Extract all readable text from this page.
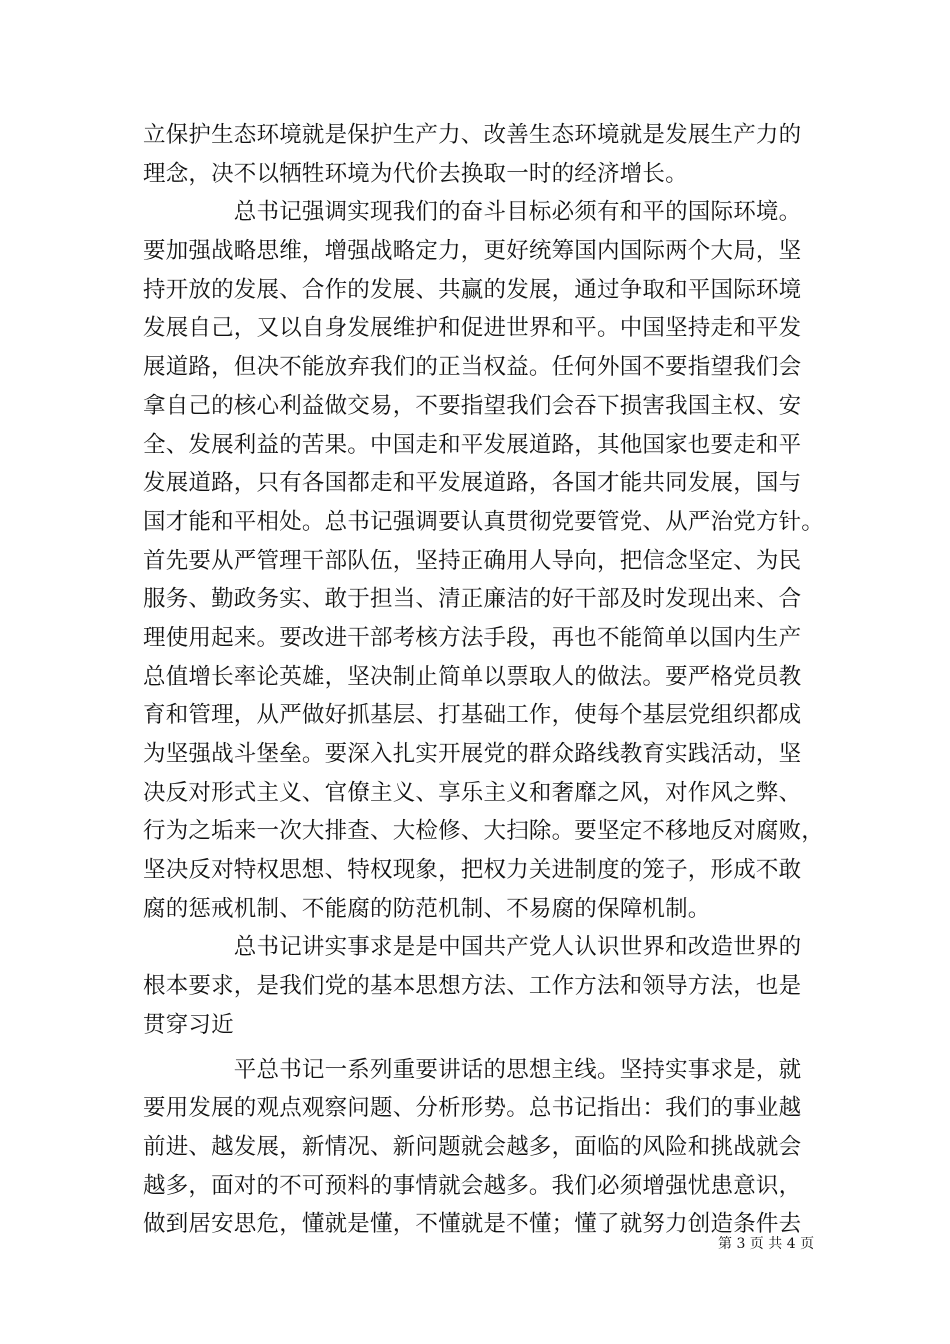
立保护生态环境就是保护生产力、改善生态环境就是发展生产力的
理念，决不以牺牲环境为代价去换取一时的经济增长。
　　　　总书记强调实现我们的奋斗目标必须有和平的国际环境。
要加强战略思维，增强战略定力，更好统筹国内国际两个大局，坚
持开放的发展、合作的发展、共赢的发展，通过争取和平国际环境
发展自己，又以自身发展维护和促进世界和平。中国坚持走和平发
展道路，但决不能放弃我们的正当权益。任何外国不要指望我们会
拿自己的核心利益做交易，不要指望我们会吞下损害我国主权、安
全、发展利益的苦果。中国走和平发展道路，其他国家也要走和平
发展道路，只有各国都走和平发展道路，各国才能共同发展，国与
国才能和平相处。总书记强调要认真贯彻党要管党、从严治党方针。
首先要从严管理干部队伍，坚持正确用人导向，把信念坚定、为民
服务、勤政务实、敢于担当、清正廉洁的好干部及时发现出来、合
理使用起来。要改进干部考核方法手段，再也不能简单以国内生产
总值增长率论英雄，坚决制止简单以票取人的做法。要严格党员教
育和管理，从严做好抓基层、打基础工作，使每个基层党组织都成
为坚强战斗堡垒。要深入扎实开展党的群众路线教育实践活动，坚
决反对形式主义、官僚主义、享乐主义和奢靡之风，对作风之弊、
行为之垢来一次大排查、大检修、大扫除。要坚定不移地反对腐败，
坚决反对特权思想、特权现象，把权力关进制度的笼子，形成不敢
腐的惩戒机制、不能腐的防范机制、不易腐的保障机制。
　　　　总书记讲实事求是是中国共产党人认识世界和改造世界的
根本要求，是我们党的基本思想方法、工作方法和领导方法，也是
贯穿习近
　　　　平总书记一系列重要讲话的思想主线。坚持实事求是，就
要用发展的观点观察问题、分析形势。总书记指出：我们的事业越
前进、越发展，新情况、新问题就会越多，面临的风险和挑战就会
越多，面对的不可预料的事情就会越多。我们必须增强忧患意识，
做到居安思危，懂就是懂，不懂就是不懂；懂了就努力创造条件去
第 3 页 共 4 页
